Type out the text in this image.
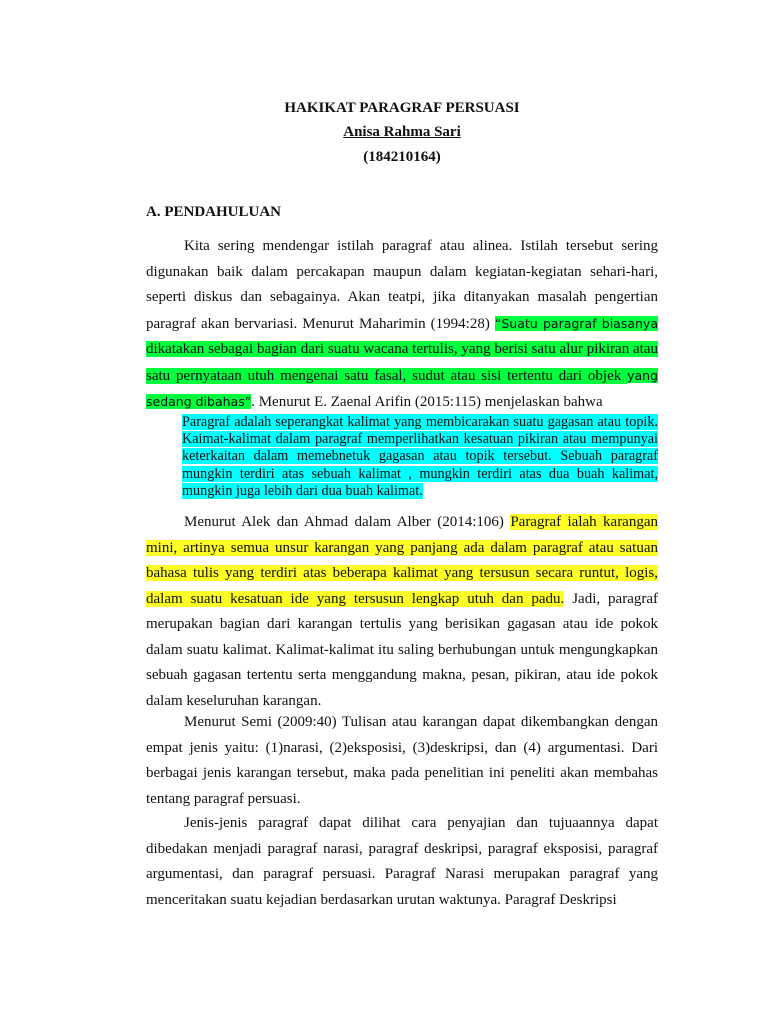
HAKIKAT PARAGRAF PERSUASI
Anisa Rahma Sari
(184210164)
A. PENDAHULUAN
Kita sering mendengar istilah paragraf atau alinea. Istilah tersebut sering digunakan baik dalam percakapan maupun dalam kegiatan-kegiatan sehari-hari, seperti diskus dan sebagainya. Akan teatpi, jika ditanyakan masalah pengertian paragraf akan bervariasi. Menurut Maharimin (1994:28) “Suatu paragraf biasanya dikatakan sebagai bagian dari suatu wacana tertulis, yang berisi satu alur pikiran atau satu pernyataan utuh mengenai satu fasal, sudut atau sisi tertentu dari objek yang sedang dibahas”. Menurut E. Zaenal Arifin (2015:115) menjelaskan bahwa
Paragraf adalah seperangkat kalimat yang membicarakan suatu gagasan atau topik. Kaimat-kalimat dalam paragraf memperlihatkan kesatuan pikiran atau mempunyai keterkaitan dalam memebnetuk gagasan atau topik tersebut. Sebuah paragraf mungkin terdiri atas sebuah kalimat , mungkin terdiri atas dua buah kalimat, mungkin juga lebih dari dua buah kalimat.
Menurut Alek dan Ahmad dalam Alber (2014:106) Paragraf ialah karangan mini, artinya semua unsur karangan yang panjang ada dalam paragraf atau satuan bahasa tulis yang terdiri atas beberapa kalimat yang tersusun secara runtut, logis, dalam suatu kesatuan ide yang tersusun lengkap utuh dan padu. Jadi, paragraf merupakan bagian dari karangan tertulis yang berisikan gagasan atau ide pokok dalam suatu kalimat. Kalimat-kalimat itu saling berhubungan untuk mengungkapkan sebuah gagasan tertentu serta menggandung makna, pesan, pikiran, atau ide pokok dalam keseluruhan karangan.
Menurut Semi (2009:40) Tulisan atau karangan dapat dikembangkan dengan empat jenis yaitu: (1)narasi, (2)eksposisi, (3)deskripsi, dan (4) argumentasi. Dari berbagai jenis karangan tersebut, maka pada penelitian ini peneliti akan membahas tentang paragraf persuasi.
Jenis-jenis paragraf dapat dilihat cara penyajian dan tujuaannya dapat dibedakan menjadi paragraf narasi, paragraf deskripsi, paragraf eksposisi, paragraf argumentasi, dan paragraf persuasi. Paragraf Narasi merupakan paragraf yang menceritakan suatu kejadian berdasarkan urutan waktunya. Paragraf Deskripsi
